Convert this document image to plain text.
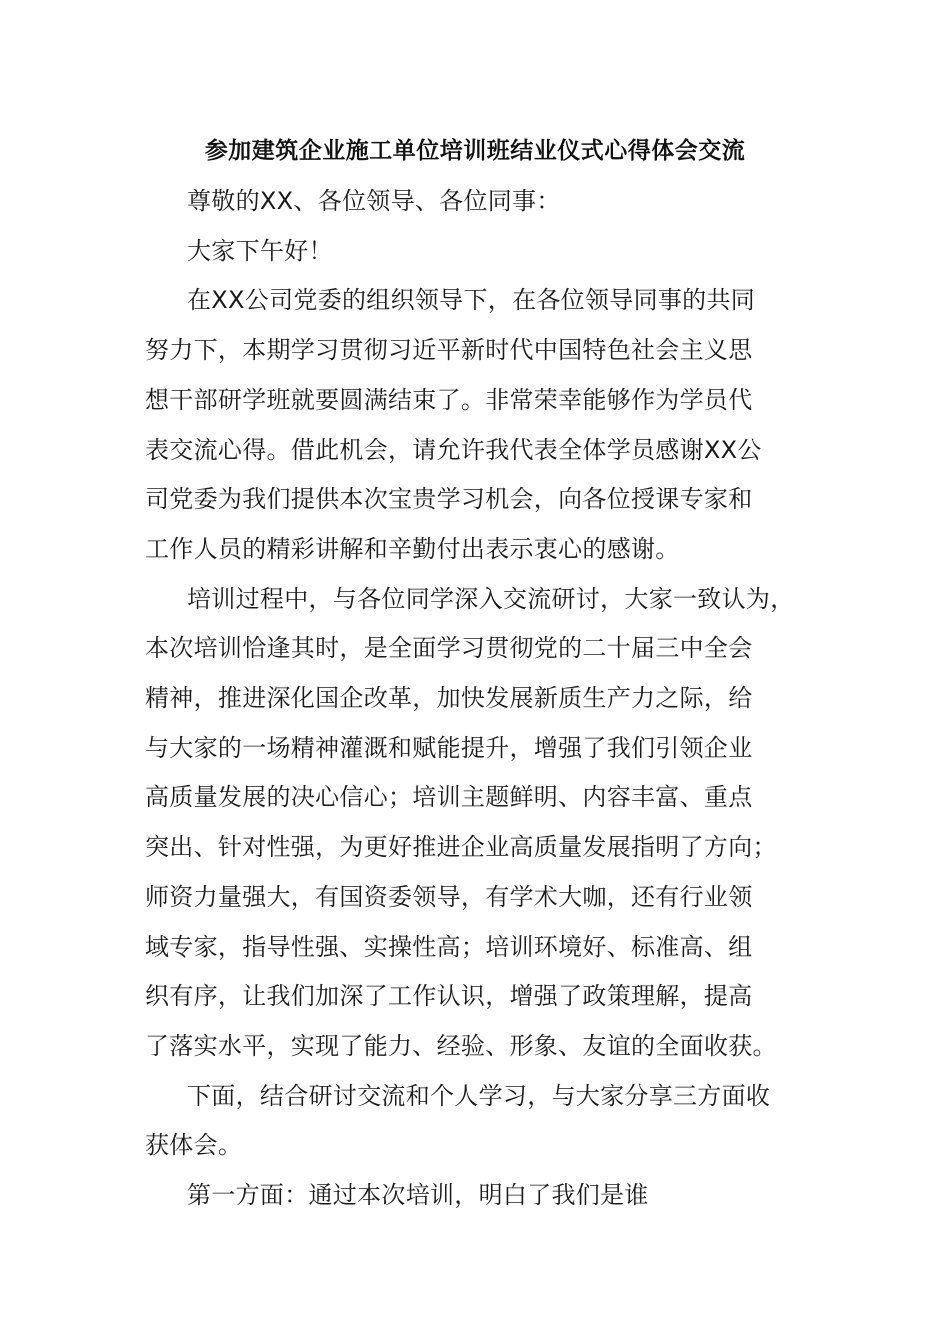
参加建筑企业施工单位培训班结业仪式心得体会交流

尊敬的XX、各位领导、各位同事：

大家下午好！

在XX公司党委的组织领导下，在各位领导同事的共同
努力下，本期学习贯彻习近平新时代中国特色社会主义思
想干部研学班就要圆满结束了。非常荣幸能够作为学员代
表交流心得。借此机会，请允许我代表全体学员感谢XX公
司党委为我们提供本次宝贵学习机会，向各位授课专家和
工作人员的精彩讲解和辛勤付出表示衷心的感谢。

培训过程中，与各位同学深入交流研讨，大家一致认为，
本次培训恰逢其时，是全面学习贯彻党的二十届三中全会
精神，推进深化国企改革，加快发展新质生产力之际，给
与大家的一场精神灌溉和赋能提升，增强了我们引领企业
高质量发展的决心信心；培训主题鲜明、内容丰富、重点
突出、针对性强，为更好推进企业高质量发展指明了方向；
师资力量强大，有国资委领导，有学术大咖，还有行业领
域专家，指导性强、实操性高；培训环境好、标准高、组
织有序，让我们加深了工作认识，增强了政策理解，提高
了落实水平，实现了能力、经验、形象、友谊的全面收获。

下面，结合研讨交流和个人学习，与大家分享三方面收
获体会。

第一方面：通过本次培训，明白了我们是谁
